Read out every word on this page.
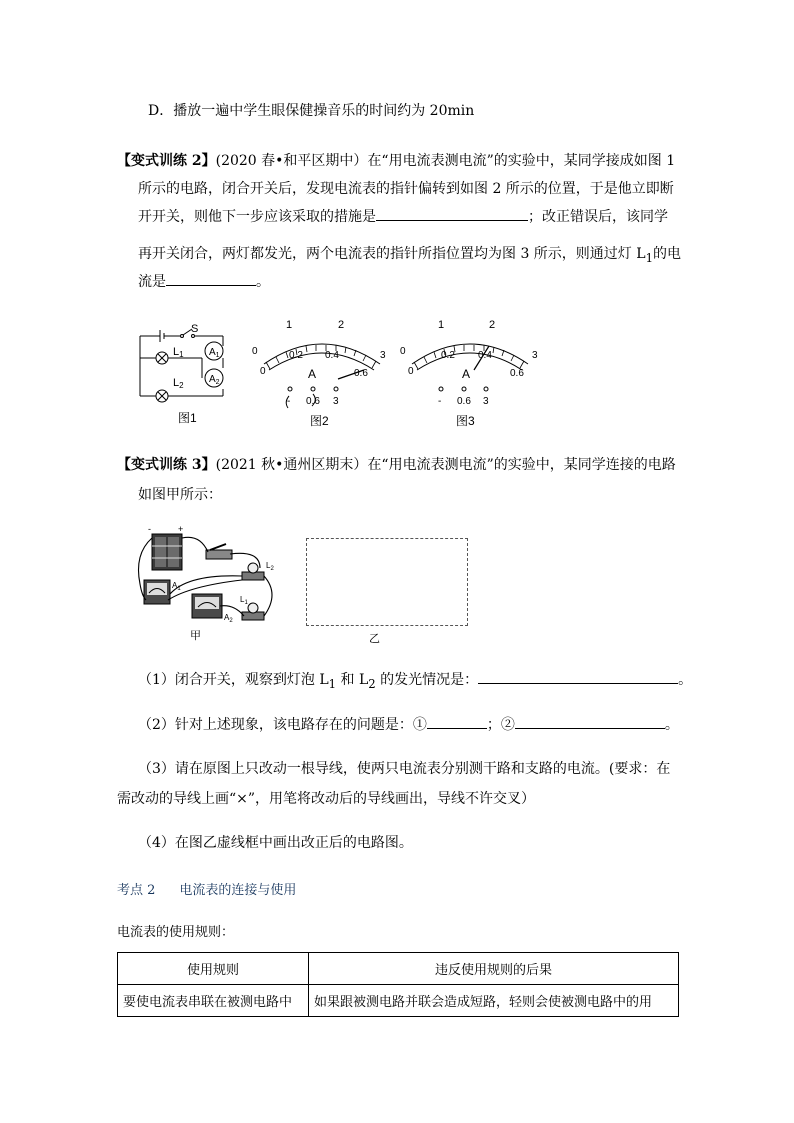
D．播放一遍中学生眼保健操音乐的时间约为 20min
【变式训练 2】(2020 春•和平区期中）在“用电流表测电流”的实验中，某同学接成如图 1
所示的电路，闭合开关后，发现电流表的指针偏转到如图 2 所示的位置，于是他立即断
开开关，则他下一步应该采取的措施是	；改正错误后，该同学
再开关闭合，两灯都发光，两个电流表的指针所指位置均为图 3 所示，则通过灯 $L_1$的电
流是	。
S
L1
L2
$A_1$
$A_2$
图1
1	2
0	3
0
0.2 0.4
0.6
A
- 0.6 3
图2
1	2
0	3
0
0.2 0.4
0.6
A
- 0.6 3
图3
【变式训练 3】(2021 秋•通州区期末）在“用电流表测电流”的实验中，某同学连接的电路
如图甲所示：
-	+
$A_1$
$A_2$
$L_2$
$L_1$
甲	乙
（1）闭合开关，观察到灯泡 $L_1$ 和 $L_2$ 的发光情况是：	。
（2）针对上述现象，该电路存在的问题是：①	；②	。
（3）请在原图上只改动一根导线，使两只电流表分别测干路和支路的电流。(要求：在
需改动的导线上画“×”，用笔将改动后的导线画出，导线不许交叉）
（4）在图乙虚线框中画出改正后的电路图。
考点 2 电流表的连接与使用
电流表的使用规则：
使用规则	违反使用规则的后果
要使电流表串联在被测电路中	如果跟被测电路并联会造成短路，轻则会使被测电路中的用
